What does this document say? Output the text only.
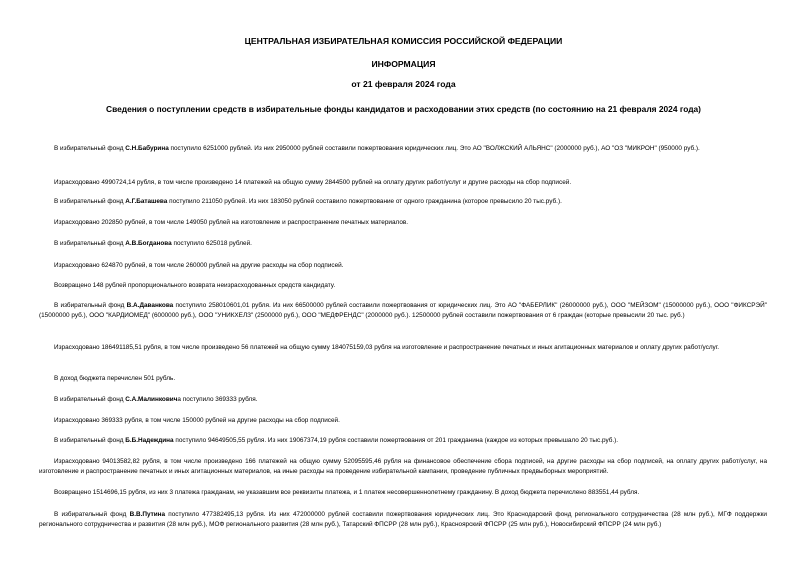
ЦЕНТРАЛЬНАЯ ИЗБИРАТЕЛЬНАЯ КОМИССИЯ РОССИЙСКОЙ ФЕДЕРАЦИИ
ИНФОРМАЦИЯ
от 21 февраля 2024 года
Сведения о поступлении средств в избирательные фонды кандидатов и расходовании этих средств (по состоянию на 21 февраля 2024 года)
В избирательный фонд С.Н.Бабурина поступило 6251000 рублей. Из них 2950000 рублей составили пожертвования юридических лиц. Это АО "ВОЛЖСКИЙ АЛЬЯНС" (2000000 руб.), АО "ОЗ "МИКРОН" (950000 руб.).
Израсходовано 4990724,14 рубля, в том числе произведено 14 платежей на общую сумму 2844500 рублей на оплату других работ/услуг и другие расходы на сбор подписей.
В избирательный фонд А.Г.Баташева поступило 211050 рублей. Из них 183050 рублей составило пожертвование от одного гражданина (которое превысило 20 тыс.руб.).
Израсходовано 202850 рублей, в том числе 149050 рублей на изготовление и распространение печатных материалов.
В избирательный фонд А.В.Богданова поступило 625018 рублей.
Израсходовано 624870 рублей, в том числе 260000 рублей на другие расходы на сбор подписей.
Возвращено 148 рублей пропорционального возврата неизрасходованных средств кандидату.
В избирательный фонд В.А.Даванкова поступило 258010601,01 рубля. Из них 66500000 рублей составили пожертвования от юридических лиц. Это АО "ФАБЕРЛИК" (26000000 руб.), ООО "МЕЙЗОМ" (15000000 руб.), ООО "ФИКСРЭЙ" (15000000 руб.), ООО "КАРДИОМЕД" (6000000 руб.), ООО "УНИКХЕЛЗ" (2500000 руб.), ООО "МЕДФРЕНДС" (2000000 руб.). 12500000 рублей составили пожертвования от 6 граждан (которые превысили 20 тыс. руб.)
Израсходовано 186491185,51 рубля, в том числе произведено 56 платежей на общую сумму 184075159,03 рубля на изготовление и распространение печатных и иных агитационных материалов и оплату других работ/услуг.
В доход бюджета перечислен 501 рубль.
В избирательный фонд С.А.Малинковича поступило 369333 рубля.
Израсходовано 369333 рубля, в том числе 150000 рублей на другие расходы на сбор подписей.
В избирательный фонд Б.Б.Надеждина поступило 94649505,55 рубля. Из них 19067374,19 рубля составили пожертвования от 201 гражданина (каждое из которых превышало 20 тыс.руб.).
Израсходовано 94013582,82 рубля, в том числе произведено 166 платежей на общую сумму 52095595,46 рубля на финансовое обеспечение сбора подписей, на другие расходы на сбор подписей, на оплату других работ/услуг, на изготовление и распространение печатных и иных агитационных материалов, на иные расходы на проведение избирательной кампании, проведение публичных предвыборных мероприятий.
Возвращено 1514696,15 рубля, из них 3 платежа гражданам, не указавшим все реквизиты платежа, и 1 платеж несовершеннолетнему гражданину. В доход бюджета перечислено 883551,44 рубля.
В избирательный фонд В.В.Путина поступило 477382495,13 рубля. Из них 472000000 рублей составили пожертвования юридических лиц. Это Краснодарский фонд регионального сотрудничества (28 млн руб.), МГФ поддержки регионального сотрудничества и развития (28 млн руб.), МОФ регионального развития (28 млн руб.), Татарский ФПСРР (28 млн руб.), Красноярский ФПСРР (25 млн руб.), Новосибирский ФПСРР (24 млн руб.)
